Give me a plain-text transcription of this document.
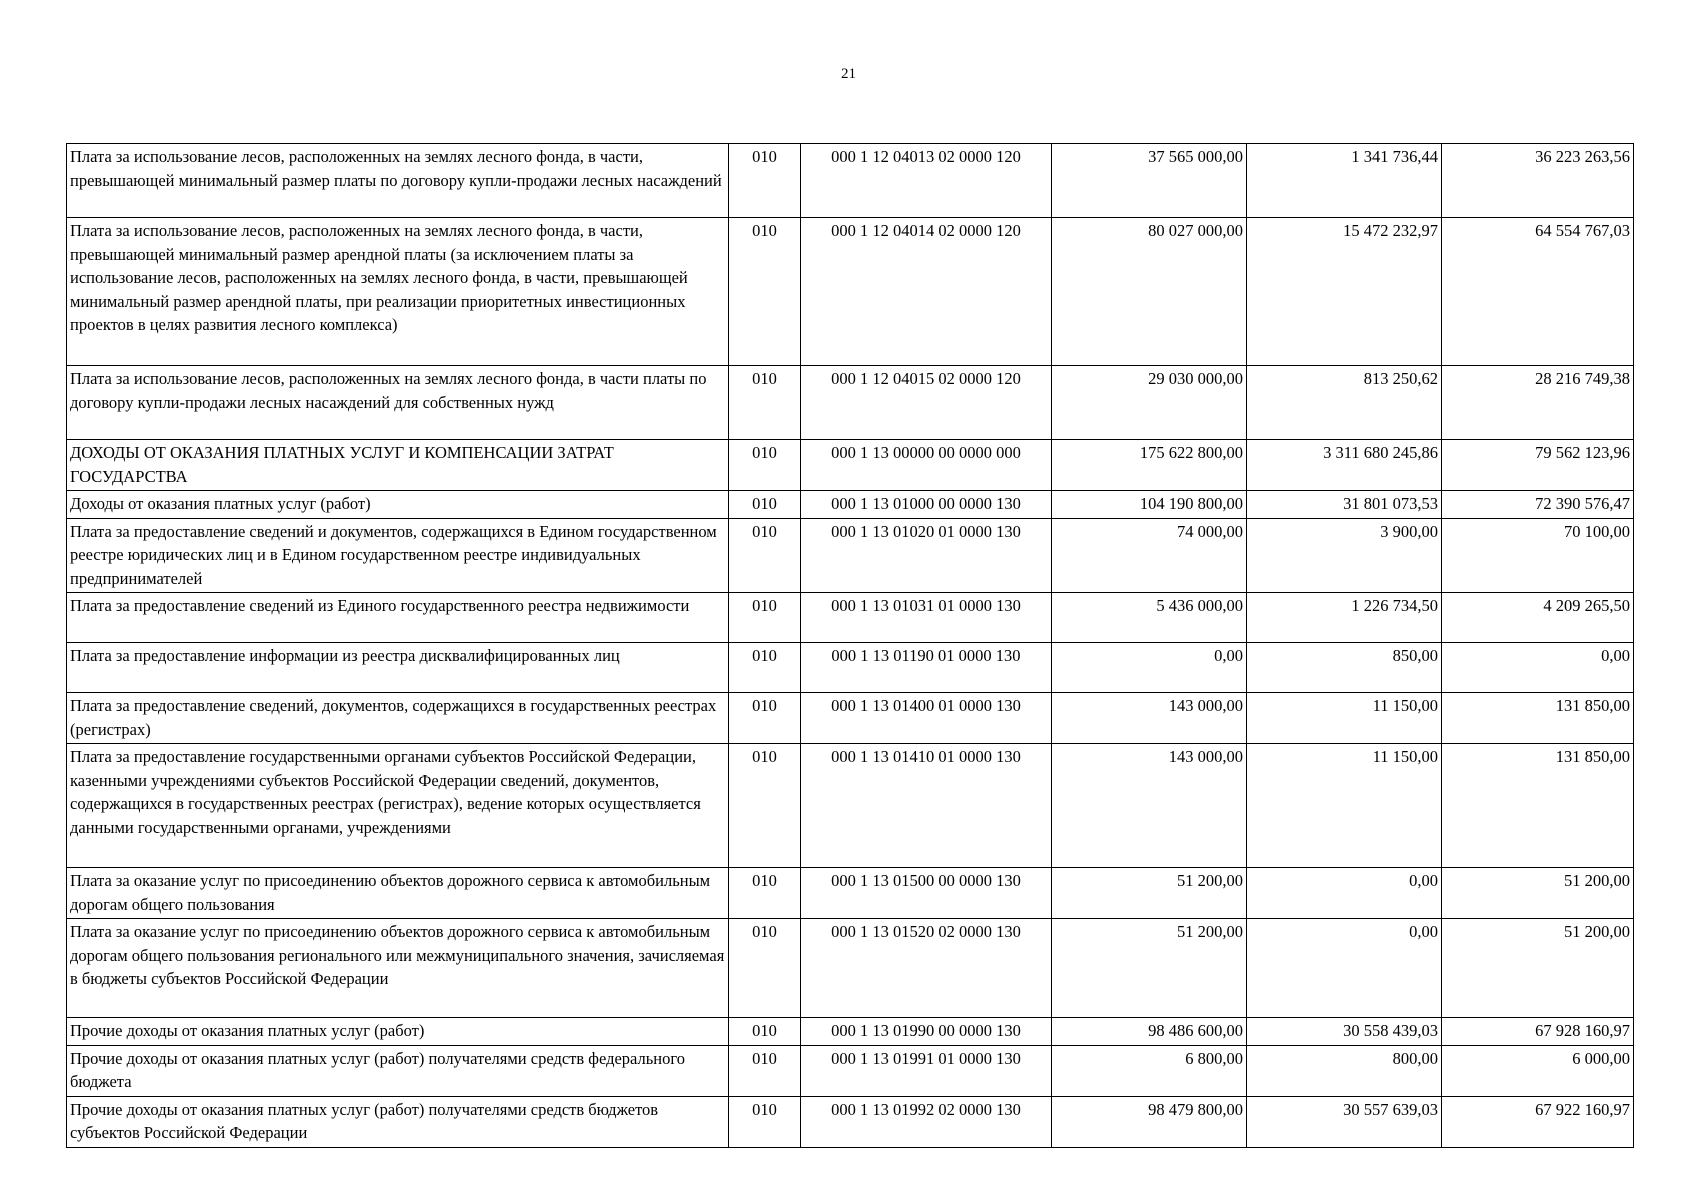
21
Плата за использование лесов, расположенных на землях лесного фонда, в части, превышающей минимальный размер платы по договору купли-продажи лесных насаждений	010	000 1 12 04013 02 0000 120	37 565 000,00	1 341 736,44	36 223 263,56
Плата за использование лесов, расположенных на землях лесного фонда, в части, превышающей минимальный размер арендной платы (за исключением платы за использование лесов, расположенных на землях лесного фонда, в части, превышающей минимальный размер арендной платы, при реализации приоритетных инвестиционных проектов в целях развития лесного комплекса)	010	000 1 12 04014 02 0000 120	80 027 000,00	15 472 232,97	64 554 767,03
Плата за использование лесов, расположенных на землях лесного фонда, в части платы по договору купли-продажи лесных насаждений для собственных нужд	010	000 1 12 04015 02 0000 120	29 030 000,00	813 250,62	28 216 749,38
ДОХОДЫ ОТ ОКАЗАНИЯ ПЛАТНЫХ УСЛУГ И КОМПЕНСАЦИИ ЗАТРАТ ГОСУДАРСТВА	010	000 1 13 00000 00 0000 000	175 622 800,00	3 311 680 245,86	79 562 123,96
Доходы от оказания платных услуг (работ)	010	000 1 13 01000 00 0000 130	104 190 800,00	31 801 073,53	72 390 576,47
Плата за предоставление сведений и документов, содержащихся в Едином государственном реестре юридических лиц и в Едином государственном реестре индивидуальных предпринимателей	010	000 1 13 01020 01 0000 130	74 000,00	3 900,00	70 100,00
Плата за предоставление сведений из Единого государственного реестра недвижимости	010	000 1 13 01031 01 0000 130	5 436 000,00	1 226 734,50	4 209 265,50
Плата за предоставление информации из реестра дисквалифицированных лиц	010	000 1 13 01190 01 0000 130	0,00	850,00	0,00
Плата за предоставление сведений, документов, содержащихся в государственных реестрах (регистрах)	010	000 1 13 01400 01 0000 130	143 000,00	11 150,00	131 850,00
Плата за предоставление государственными органами субъектов Российской Федерации, казенными учреждениями субъектов Российской Федерации сведений, документов, содержащихся в государственных реестрах (регистрах), ведение которых осуществляется данными государственными органами, учреждениями	010	000 1 13 01410 01 0000 130	143 000,00	11 150,00	131 850,00
Плата за оказание услуг по присоединению объектов дорожного сервиса к автомобильным дорогам общего пользования	010	000 1 13 01500 00 0000 130	51 200,00	0,00	51 200,00
Плата за оказание услуг по присоединению объектов дорожного сервиса к автомобильным дорогам общего пользования регионального или межмуниципального значения, зачисляемая в бюджеты субъектов Российской Федерации	010	000 1 13 01520 02 0000 130	51 200,00	0,00	51 200,00
Прочие доходы от оказания платных услуг (работ)	010	000 1 13 01990 00 0000 130	98 486 600,00	30 558 439,03	67 928 160,97
Прочие доходы от оказания платных услуг (работ) получателями средств федерального бюджета	010	000 1 13 01991 01 0000 130	6 800,00	800,00	6 000,00
Прочие доходы от оказания платных услуг (работ) получателями средств бюджетов субъектов Российской Федерации	010	000 1 13 01992 02 0000 130	98 479 800,00	30 557 639,03	67 922 160,97
